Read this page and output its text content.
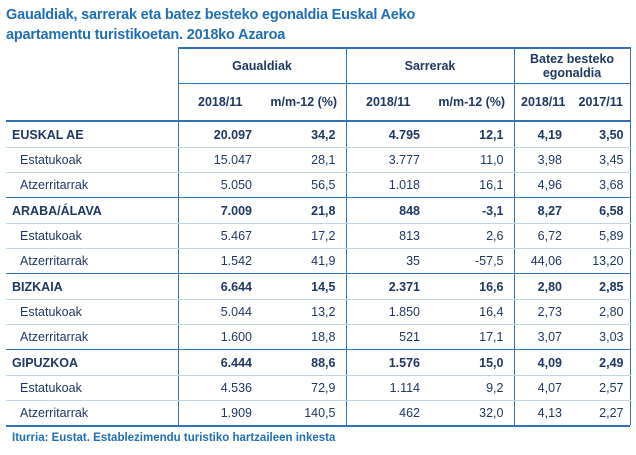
Gaualdiak, sarrerak eta batez besteko egonaldia Euskal Aeko
apartamentu turistikoetan. 2018ko Azaroa
	Gaualdiak		Sarrerak		Batez besteko egonaldia	
	2018/11	m/m-12 (%)	2018/11	m/m-12 (%)	2018/11	2017/11
EUSKAL AE	20.097	34,2	4.795	12,1	4,19	3,50
Estatukoak	15.047	28,1	3.777	11,0	3,98	3,45
Atzerritarrak	5.050	56,5	1.018	16,1	4,96	3,68
ARABA/ÁLAVA	7.009	21,8	848	-3,1	8,27	6,58
Estatukoak	5.467	17,2	813	2,6	6,72	5,89
Atzerritarrak	1.542	41,9	35	-57,5	44,06	13,20
BIZKAIA	6.644	14,5	2.371	16,6	2,80	2,85
Estatukoak	5.044	13,2	1.850	16,4	2,73	2,80
Atzerritarrak	1.600	18,8	521	17,1	3,07	3,03
GIPUZKOA	6.444	88,6	1.576	15,0	4,09	2,49
Estatukoak	4.536	72,9	1.114	9,2	4,07	2,57
Atzerritarrak	1.909	140,5	462	32,0	4,13	2,27
Iturria: Eustat. Establezimendu turistiko hartzaileen inkesta
